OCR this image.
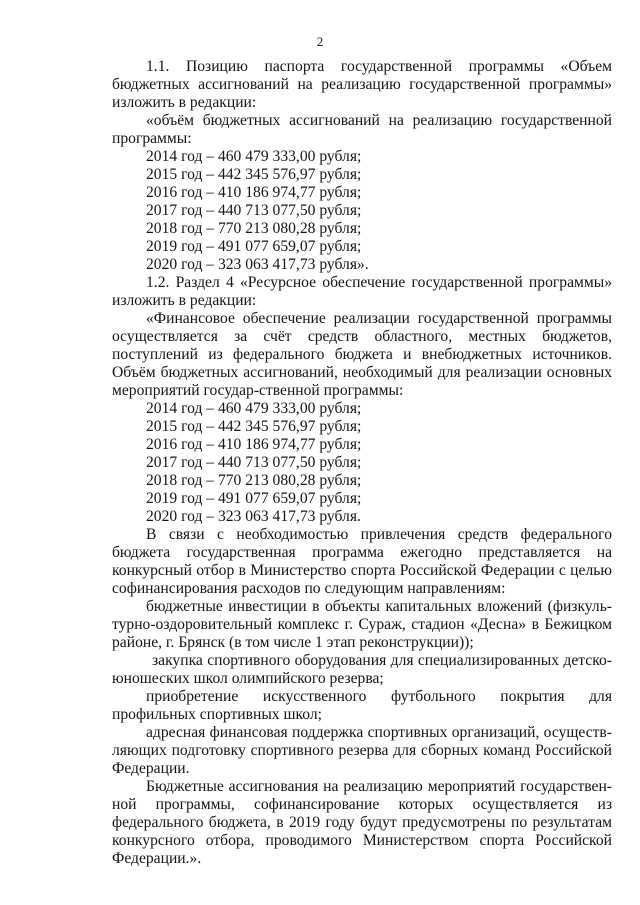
2

1.1. Позицию паспорта государственной программы «Объем бюджетных ассигнований на реализацию государственной программы» изложить в редакции:

«объём бюджетных ассигнований на реализацию государственной программы:

2014 год – 460 479 333,00 рубля;

2015 год – 442 345 576,97 рубля;

2016 год – 410 186 974,77 рубля;

2017 год – 440 713 077,50 рубля;

2018 год – 770 213 080,28 рубля;

2019 год – 491 077 659,07 рубля;

2020 год – 323 063 417,73 рубля».

1.2. Раздел 4 «Ресурсное обеспечение государственной программы» изложить в редакции:

«Финансовое обеспечение реализации государственной программы осуществляется за счёт средств областного, местных бюджетов, поступлений из федерального бюджета и внебюджетных источников. Объём бюджетных ассигнований, необходимый для реализации основных мероприятий государ-ственной программы:

2014 год – 460 479 333,00 рубля;

2015 год – 442 345 576,97 рубля;

2016 год – 410 186 974,77 рубля;

2017 год – 440 713 077,50 рубля;

2018 год – 770 213 080,28 рубля;

2019 год – 491 077 659,07 рубля;

2020 год – 323 063 417,73 рубля.

В связи с необходимостью привлечения средств федерального бюджета государственная программа ежегодно представляется на конкурсный отбор в Министерство спорта Российской Федерации с целью софинансирования расходов по следующим направлениям:

бюджетные инвестиции в объекты капитальных вложений (физкуль-турно-оздоровительный комплекс г. Сураж, стадион «Десна» в Бежицком районе, г. Брянск (в том числе 1 этап реконструкции));

закупка спортивного оборудования для специализированных детско-юношеских школ олимпийского резерва;

приобретение искусственного футбольного покрытия для профильных спортивных школ;

адресная финансовая поддержка спортивных организаций, осуществ-ляющих подготовку спортивного резерва для сборных команд Российской Федерации.

Бюджетные ассигнования на реализацию мероприятий государствен-ной программы, софинансирование которых осуществляется из федерального бюджета, в 2019 году будут предусмотрены по результатам конкурсного отбора, проводимого Министерством спорта Российской Федерации.».
